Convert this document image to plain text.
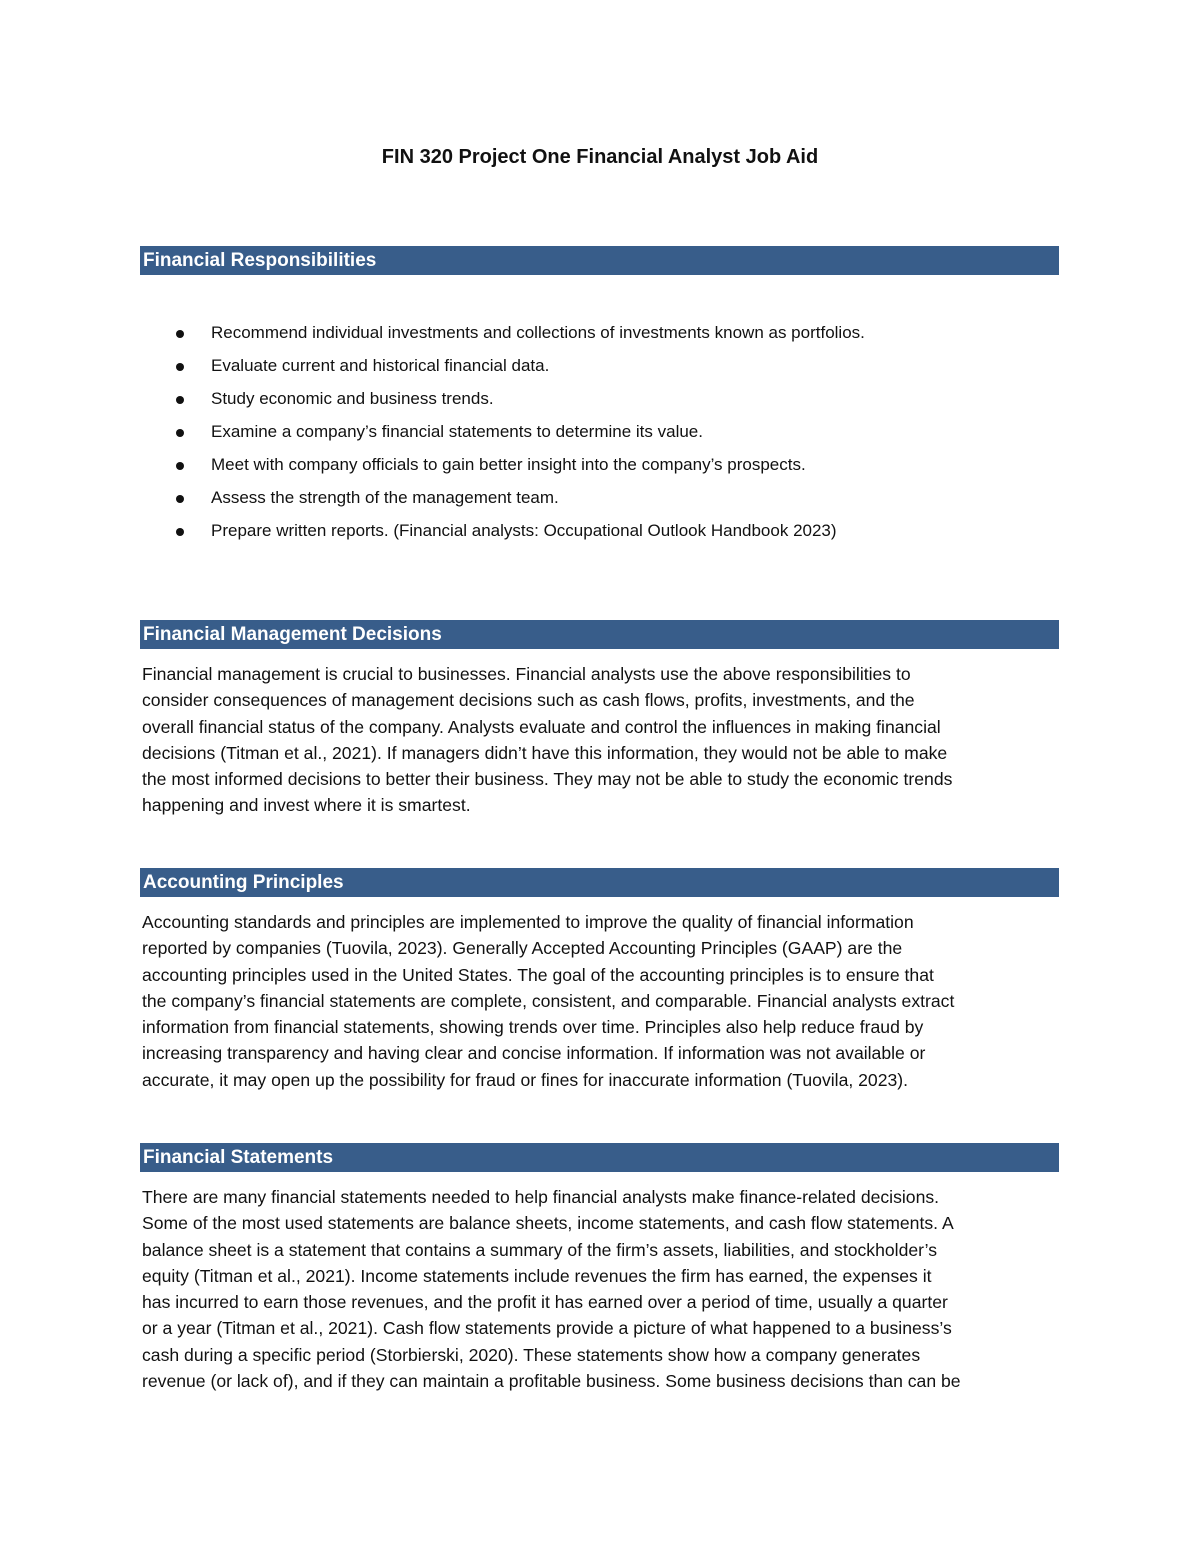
FIN 320 Project One Financial Analyst Job Aid
Financial Responsibilities
Recommend individual investments and collections of investments known as portfolios.
Evaluate current and historical financial data.
Study economic and business trends.
Examine a company’s financial statements to determine its value.
Meet with company officials to gain better insight into the company’s prospects.
Assess the strength of the management team.
Prepare written reports. (Financial analysts: Occupational Outlook Handbook 2023)
Financial Management Decisions

Financial management is crucial to businesses. Financial analysts use the above responsibilities to
consider consequences of management decisions such as cash flows, profits, investments, and the
overall financial status of the company. Analysts evaluate and control the influences in making financial
decisions (Titman et al., 2021). If managers didn’t have this information, they would not be able to make
the most informed decisions to better their business. They may not be able to study the economic trends
happening and invest where it is smartest.

Accounting Principles

Accounting standards and principles are implemented to improve the quality of financial information
reported by companies (Tuovila, 2023). Generally Accepted Accounting Principles (GAAP) are the
accounting principles used in the United States. The goal of the accounting principles is to ensure that
the company’s financial statements are complete, consistent, and comparable. Financial analysts extract
information from financial statements, showing trends over time. Principles also help reduce fraud by
increasing transparency and having clear and concise information. If information was not available or
accurate, it may open up the possibility for fraud or fines for inaccurate information (Tuovila, 2023).

Financial Statements

There are many financial statements needed to help financial analysts make finance-related decisions.
Some of the most used statements are balance sheets, income statements, and cash flow statements. A
balance sheet is a statement that contains a summary of the firm’s assets, liabilities, and stockholder’s
equity (Titman et al., 2021). Income statements include revenues the firm has earned, the expenses it
has incurred to earn those revenues, and the profit it has earned over a period of time, usually a quarter
or a year (Titman et al., 2021). Cash flow statements provide a picture of what happened to a business’s
cash during a specific period (Storbierski, 2020). These statements show how a company generates
revenue (or lack of), and if they can maintain a profitable business. Some business decisions than can be
